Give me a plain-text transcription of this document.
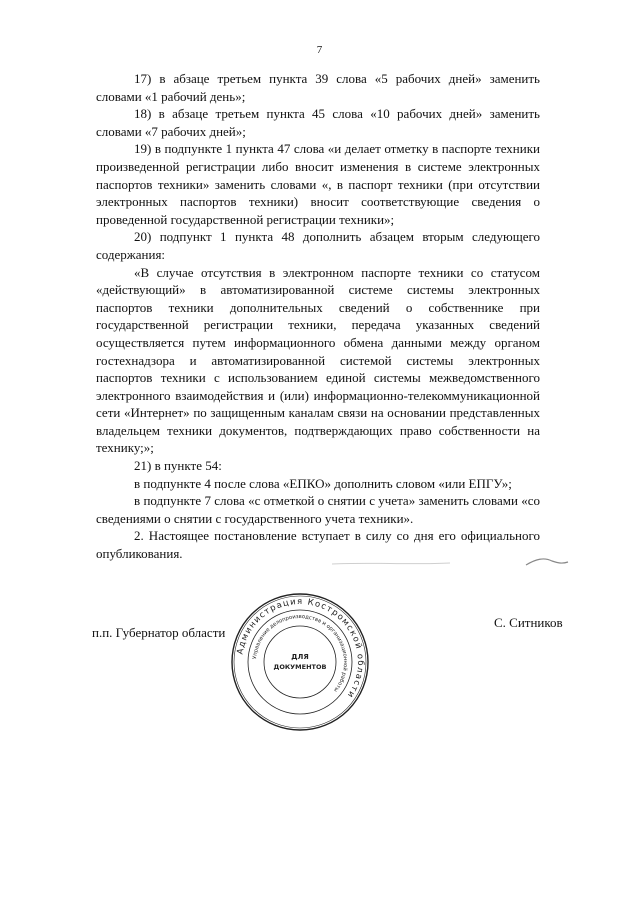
7

17) в абзаце третьем пункта 39 слова «5 рабочих дней» заменить словами «1 рабочий день»;

18) в абзаце третьем пункта 45 слова «10 рабочих дней» заменить словами «7 рабочих дней»;

19) в подпункте 1 пункта 47 слова «и делает отметку в паспорте техники произведенной регистрации либо вносит изменения в системе электронных паспортов техники» заменить словами «, в паспорт техники (при отсутствии электронных паспортов техники) вносит соответствующие сведения о проведенной государственной регистрации техники»;

20) подпункт 1 пункта 48 дополнить абзацем вторым следующего содержания:

«В случае отсутствия в электронном паспорте техники со статусом «действующий» в автоматизированной системе системы электронных паспортов техники дополнительных сведений о собственнике при государственной регистрации техники, передача указанных сведений осуществляется путем информационного обмена данными между органом гостехнадзора и автоматизированной системой системы электронных паспортов техники с использованием единой системы межведомственного электронного взаимодействия и (или) информационно-телекоммуникационной сети «Интернет» по защищенным каналам связи на основании представленных владельцем техники документов, подтверждающих право собственности на технику;»;

21) в пункте 54:

в подпункте 4 после слова «ЕПКО» дополнить словом «или ЕПГУ»;

в подпункте 7 слова «с отметкой о снятии с учета» заменить словами «со сведениями о снятии с государственного учета техники».

2. Настоящее постановление вступает в силу со дня его официального опубликования.

п.п. Губернатор области
С. Ситников
Администрация Костромской области
Управление делопроизводства и организационной работы
ДЛЯ
ДОКУМЕНТОВ
